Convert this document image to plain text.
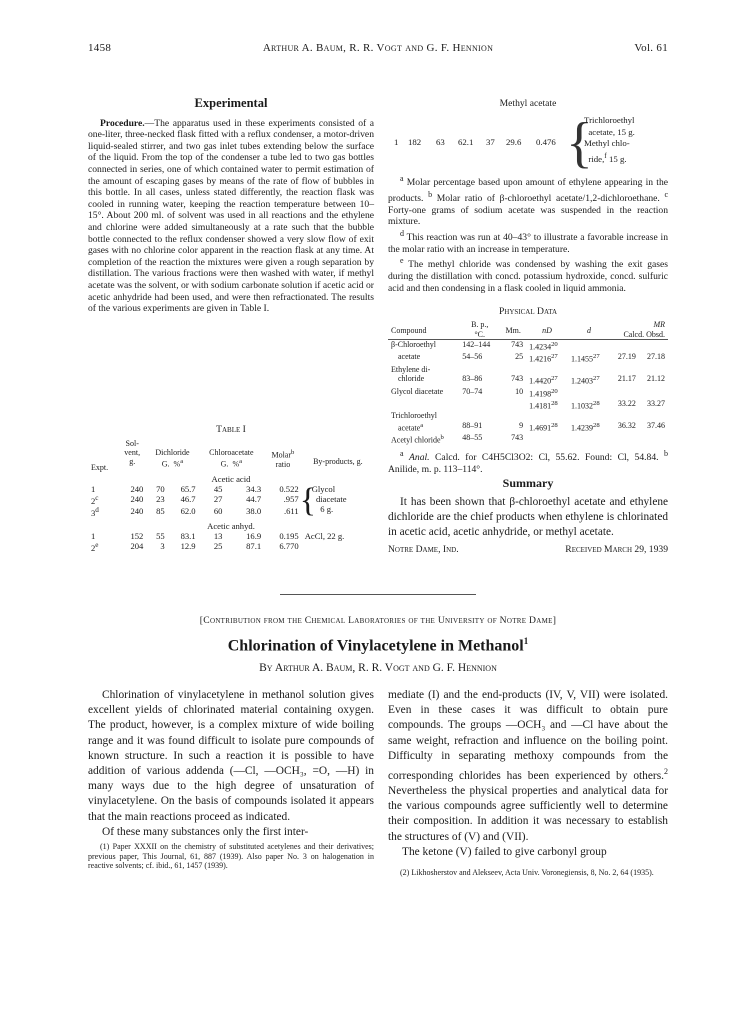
1458	Arthur A. Baum, R. R. Vogt and G. F. Hennion	Vol. 61
Experimental

Procedure.—The apparatus used in these experiments consisted of a one-liter, three-necked flask fitted with a reflux condenser, a motor-driven liquid-sealed stirrer, and two gas inlet tubes extending below the surface of the liquid. From the top of the condenser a tube led to two gas bottles connected in series, one of which contained water to permit estimation of the amount of escaping gases by means of the rate of flow of bubbles in this bottle. In all cases, unless stated differently, the reaction flask was cooled in running water, keeping the reaction temperature between 10–15°. About 200 ml. of solvent was used in all reactions and the ethylene and chlorine were added simultaneously at a rate such that the bubble bottle connected to the reflux condenser showed a very slow flow of exit gases with no chlorine color apparent in the reaction flask at any time. At completion of the reaction the mixtures were given a rough separation by distillation. The various fractions were then washed with water, if methyl acetate was the solvent, or with sodium carbonate solution if acetic acid or acetic anhydride had been used, and were then refractionated. The results of the various experiments are given in Table I.

Table I

Expt.	Sol-
vent,
g.	Dichloride
G. %$^a$		Chloroacetate
G. %$^a$		Molar$^b$
ratio	By-products, g.

Acetic acid							
1	240	70	65.7	45	34.3	0.522	{
Glycol
diacetate
6 g.
2$^c$	240	23	46.7	27	44.7	.957	
3$^d$	240	85	62.0	60	38.0	.611	
Acetic anhyd.							
1	152	55	83.1	13	16.9	0.195	AcCl, 22 g.
2e	204	3	12.9	25	87.1	6.770	
Methyl acetate
1 182 63 62.1 37 29.6 0.476 {
Trichloroethyl
acetate, 15 g.
Methyl chlo-
ride,$^f$ 15 g.

$^a$ Molar percentage based upon amount of ethylene appearing in the products. $^b$ Molar ratio of β-chloroethyl acetate/1,2-dichloroethane. $^c$ Forty-one grams of sodium acetate was suspended in the reaction mixture.

$^d$ This reaction was run at 40–43° to illustrate a favorable increase in the molar ratio with an increase in temperature.

$^e$ The methyl chloride was condensed by washing the exit gases during the distillation with concd. potassium hydroxide, concd. sulfuric acid and then condensing in a flask cooled in liquid ammonia.

Physical Data
Compound	B. p.,
°C.	Mm.	nD	d	MR
Calcd. Obsd.	

β-Chloroethyl	142–144	743	1.4234$^{20}$			
acetate	54–56	25	1.4216$^{27}$	1.1455$^{27}$	27.19	27.18
Ethylene di-						
chloride	83–86	743	1.4420$^{27}$	1.2403$^{27}$	21.17	21.12
Glycol diacetate	70–74	10	1.4198$^{20}$			
			1.4181$^{28}$	1.1032$^{28}$	33.22	33.27
Trichloroethyl						
acetate$^a$	88–91	9	1.4691$^{28}$	1.4239$^{28}$	36.32	37.46
Acetyl chloride$^b$	48–55	743				

$^a$ Anal. Calcd. for C4H5Cl3O2: Cl, 55.62. Found: Cl, 54.84. $^b$ Anilide, m. p. 113–114°.

Summary

It has been shown that β-chloroethyl acetate and ethylene dichloride are the chief products when ethylene is chlorinated in acetic acid, acetic anhydride, or methyl acetate.

Notre Dame, Ind.	Received March 29, 1939
[Contribution from the Chemical Laboratories of the University of Notre Dame]
Chlorination of Vinylacetylene in Methanol$^1$
By Arthur A. Baum, R. R. Vogt and G. F. Hennion

Chlorination of vinylacetylene in methanol solution gives excellent yields of chlorinated material containing oxygen. The product, however, is a complex mixture of wide boiling range and it was found difficult to isolate pure compounds of known structure. In such a reaction it is possible to have addition of various addenda (—Cl, —OCH₃, =O, —H) in many ways due to the high degree of unsaturation of vinylacetylene. On the basis of compounds isolated it appears that the main reactions proceed as indicated.

Of these many substances only the first inter-

(1) Paper XXXII on the chemistry of substituted acetylenes and their derivatives; previous paper, This Journal, 61, 887 (1939). Also paper No. 3 on halogenation in reactive solvents; cf. ibid., 61, 1457 (1939).

mediate (I) and the end-products (IV, V, VII) were isolated. Even in these cases it was difficult to obtain pure compounds. The groups —OCH₃ and —Cl have about the same weight, refraction and influence on the boiling point. Difficulty in separating methoxy compounds from the corresponding chlorides has been experienced by others.$^2$ Nevertheless the physical properties and analytical data for the various compounds agree sufficiently well to determine their composition. In addition it was necessary to establish the structures of (V) and (VII).

The ketone (V) failed to give carbonyl group

(2) Likhosherstov and Alekseev, Acta Univ. Voronegiensis, 8, No. 2, 64 (1935).
